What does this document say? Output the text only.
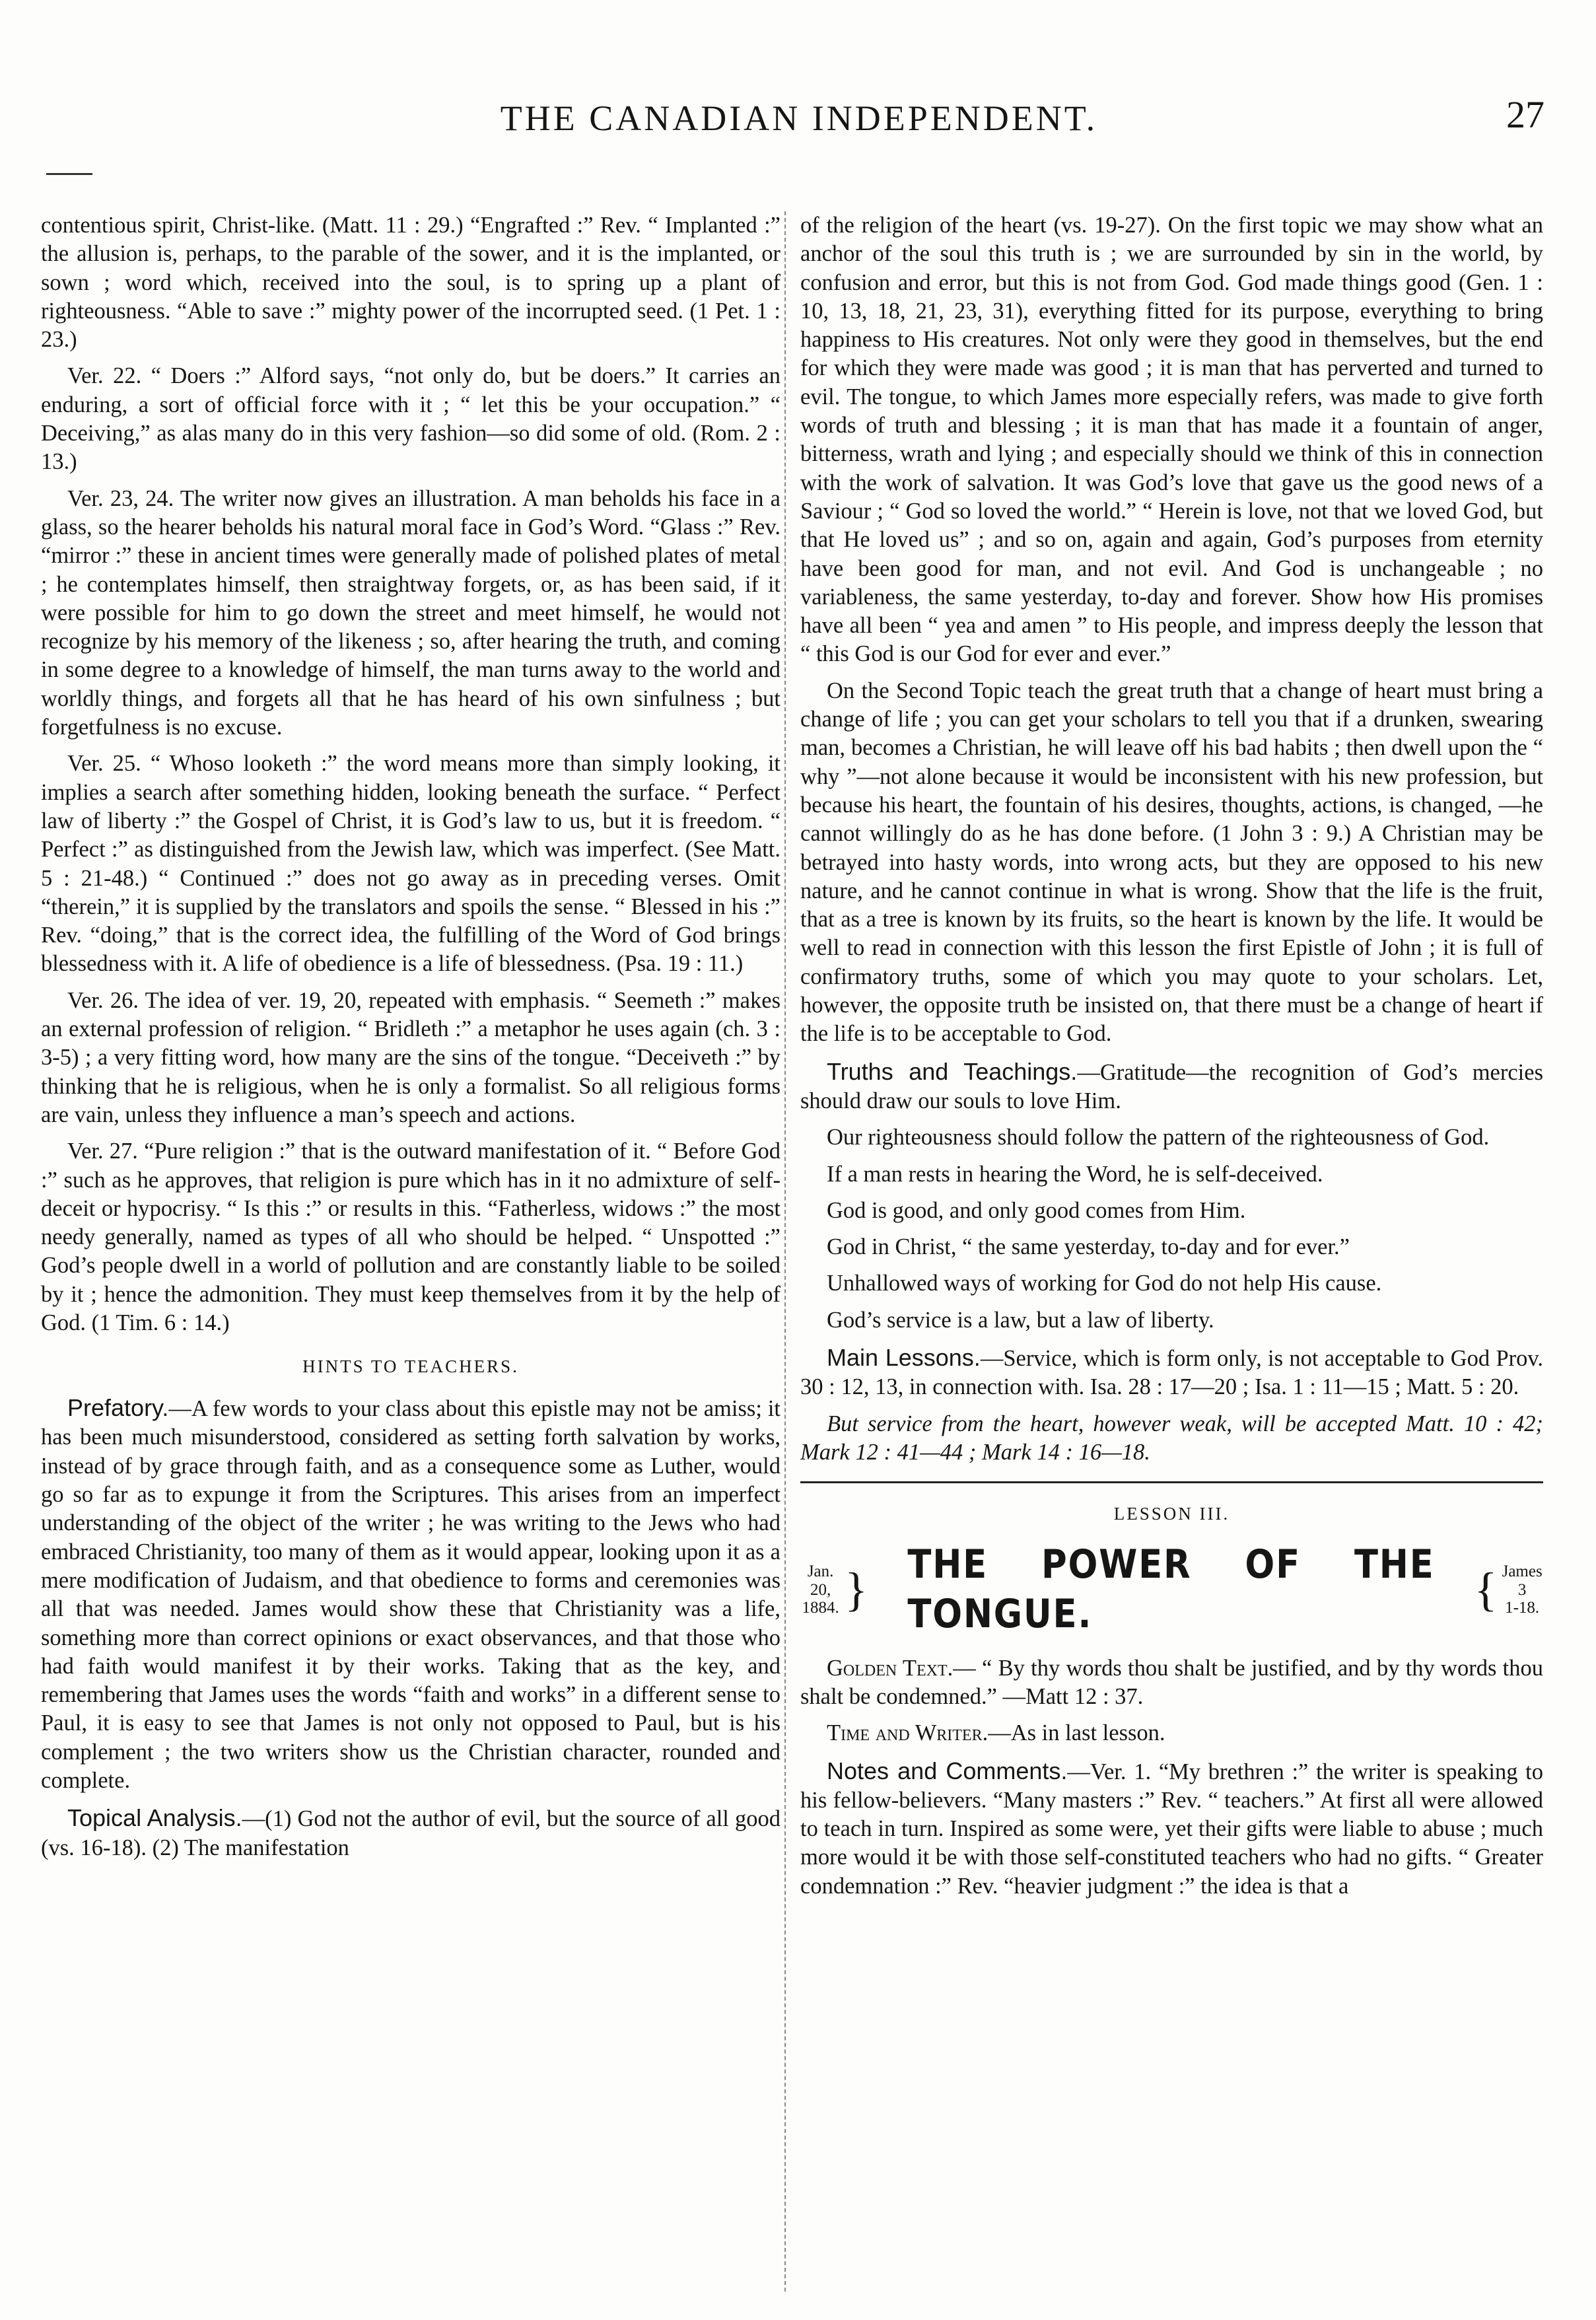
THE CANADIAN INDEPENDENT.	27

contentious spirit, Christ-like. (Matt. 11 : 29.) “Engrafted :” Rev. “ Implanted :” the allusion is, perhaps, to the parable of the sower, and it is the implanted, or sown ; word which, received into the soul, is to spring up a plant of righteousness. “Able to save :” mighty power of the incorrupted seed. (1 Pet. 1 : 23.)

Ver. 22. “ Doers :” Alford says, “not only do, but be doers.” It carries an enduring, a sort of official force with it ; “ let this be your occupation.” “ Deceiving,” as alas many do in this very fashion—so did some of old. (Rom. 2 : 13.)

Ver. 23, 24. The writer now gives an illustration. A man beholds his face in a glass, so the hearer beholds his natural moral face in God’s Word. “Glass :” Rev. “mirror :” these in ancient times were generally made of polished plates of metal ; he contemplates himself, then straightway forgets, or, as has been said, if it were possible for him to go down the street and meet himself, he would not recognize by his memory of the likeness ; so, after hearing the truth, and coming in some degree to a knowledge of himself, the man turns away to the world and worldly things, and forgets all that he has heard of his own sinfulness ; but forgetfulness is no excuse.

Ver. 25. “ Whoso looketh :” the word means more than simply looking, it implies a search after something hidden, looking beneath the surface. “ Perfect law of liberty :” the Gospel of Christ, it is God’s law to us, but it is freedom. “ Perfect :” as distinguished from the Jewish law, which was imperfect. (See Matt. 5 : 21-48.) “ Continued :” does not go away as in preceding verses. Omit “therein,” it is supplied by the translators and spoils the sense. “ Blessed in his :” Rev. “doing,” that is the correct idea, the fulfilling of the Word of God brings blessedness with it. A life of obedience is a life of blessedness. (Psa. 19 : 11.)

Ver. 26. The idea of ver. 19, 20, repeated with emphasis. “ Seemeth :” makes an external profession of religion. “ Bridleth :” a metaphor he uses again (ch. 3 : 3-5) ; a very fitting word, how many are the sins of the tongue. “Deceiveth :” by thinking that he is religious, when he is only a formalist. So all religious forms are vain, unless they influence a man’s speech and actions.

Ver. 27. “Pure religion :” that is the outward manifestation of it. “ Before God :” such as he approves, that religion is pure which has in it no admixture of self-deceit or hypocrisy. “ Is this :” or results in this. “Fatherless, widows :” the most needy generally, named as types of all who should be helped. “ Unspotted :” God’s people dwell in a world of pollution and are constantly liable to be soiled by it ; hence the admonition. They must keep themselves from it by the help of God. (1 Tim. 6 : 14.)

HINTS TO TEACHERS.

Prefatory.—A few words to your class about this epistle may not be amiss; it has been much misunderstood, considered as setting forth salvation by works, instead of by grace through faith, and as a consequence some as Luther, would go so far as to expunge it from the Scriptures. This arises from an imperfect understanding of the object of the writer ; he was writing to the Jews who had embraced Christianity, too many of them as it would appear, looking upon it as a mere modification of Judaism, and that obedience to forms and ceremonies was all that was needed. James would show these that Christianity was a life, something more than correct opinions or exact observances, and that those who had faith would manifest it by their works. Taking that as the key, and remembering that James uses the words “faith and works” in a different sense to Paul, it is easy to see that James is not only not opposed to Paul, but is his complement ; the two writers show us the Christian character, rounded and complete.

Topical Analysis.—(1) God not the author of evil, but the source of all good (vs. 16-18). (2) The manifestation

of the religion of the heart (vs. 19-27). On the first topic we may show what an anchor of the soul this truth is ; we are surrounded by sin in the world, by confusion and error, but this is not from God. God made things good (Gen. 1 : 10, 13, 18, 21, 23, 31), everything fitted for its purpose, everything to bring happiness to His creatures. Not only were they good in themselves, but the end for which they were made was good ; it is man that has perverted and turned to evil. The tongue, to which James more especially refers, was made to give forth words of truth and blessing ; it is man that has made it a fountain of anger, bitterness, wrath and lying ; and especially should we think of this in connection with the work of salvation. It was God’s love that gave us the good news of a Saviour ; “ God so loved the world.” “ Herein is love, not that we loved God, but that He loved us” ; and so on, again and again, God’s purposes from eternity have been good for man, and not evil. And God is unchangeable ; no variableness, the same yesterday, to-day and forever. Show how His promises have all been “ yea and amen ” to His people, and impress deeply the lesson that “ this God is our God for ever and ever.”

On the Second Topic teach the great truth that a change of heart must bring a change of life ; you can get your scholars to tell you that if a drunken, swearing man, becomes a Christian, he will leave off his bad habits ; then dwell upon the “ why ”—not alone because it would be inconsistent with his new profession, but because his heart, the fountain of his desires, thoughts, actions, is changed, —he cannot willingly do as he has done before. (1 John 3 : 9.) A Christian may be betrayed into hasty words, into wrong acts, but they are opposed to his new nature, and he cannot continue in what is wrong. Show that the life is the fruit, that as a tree is known by its fruits, so the heart is known by the life. It would be well to read in connection with this lesson the first Epistle of John ; it is full of confirmatory truths, some of which you may quote to your scholars. Let, however, the opposite truth be insisted on, that there must be a change of heart if the life is to be acceptable to God.

Truths and Teachings.—Gratitude—the recognition of God’s mercies should draw our souls to love Him.

Our righteousness should follow the pattern of the righteousness of God.

If a man rests in hearing the Word, he is self-deceived.

God is good, and only good comes from Him.

God in Christ, “ the same yesterday, to-day and for ever.”

Unhallowed ways of working for God do not help His cause.

God’s service is a law, but a law of liberty.

Main Lessons.—Service, which is form only, is not acceptable to God Prov. 30 : 12, 13, in connection with. Isa. 28 : 17—20 ; Isa. 1 : 11—15 ; Matt. 5 : 20.

But service from the heart, however weak, will be accepted Matt. 10 : 42; Mark 12 : 41—44 ; Mark 14 : 16—18.

LESSON III.
Jan. 20,
1884. } THE POWER OF THE TONGUE.	{ James 3
1-18.

Golden Text.— “ By thy words thou shalt be justified, and by thy words thou shalt be condemned.” —Matt 12 : 37.

Time and Writer.—As in last lesson.

Notes and Comments.—Ver. 1. “My brethren :” the writer is speaking to his fellow-believers. “Many masters :” Rev. “ teachers.” At first all were allowed to teach in turn. Inspired as some were, yet their gifts were liable to abuse ; much more would it be with those self-constituted teachers who had no gifts. “ Greater condemnation :” Rev. “heavier judgment :” the idea is that a
